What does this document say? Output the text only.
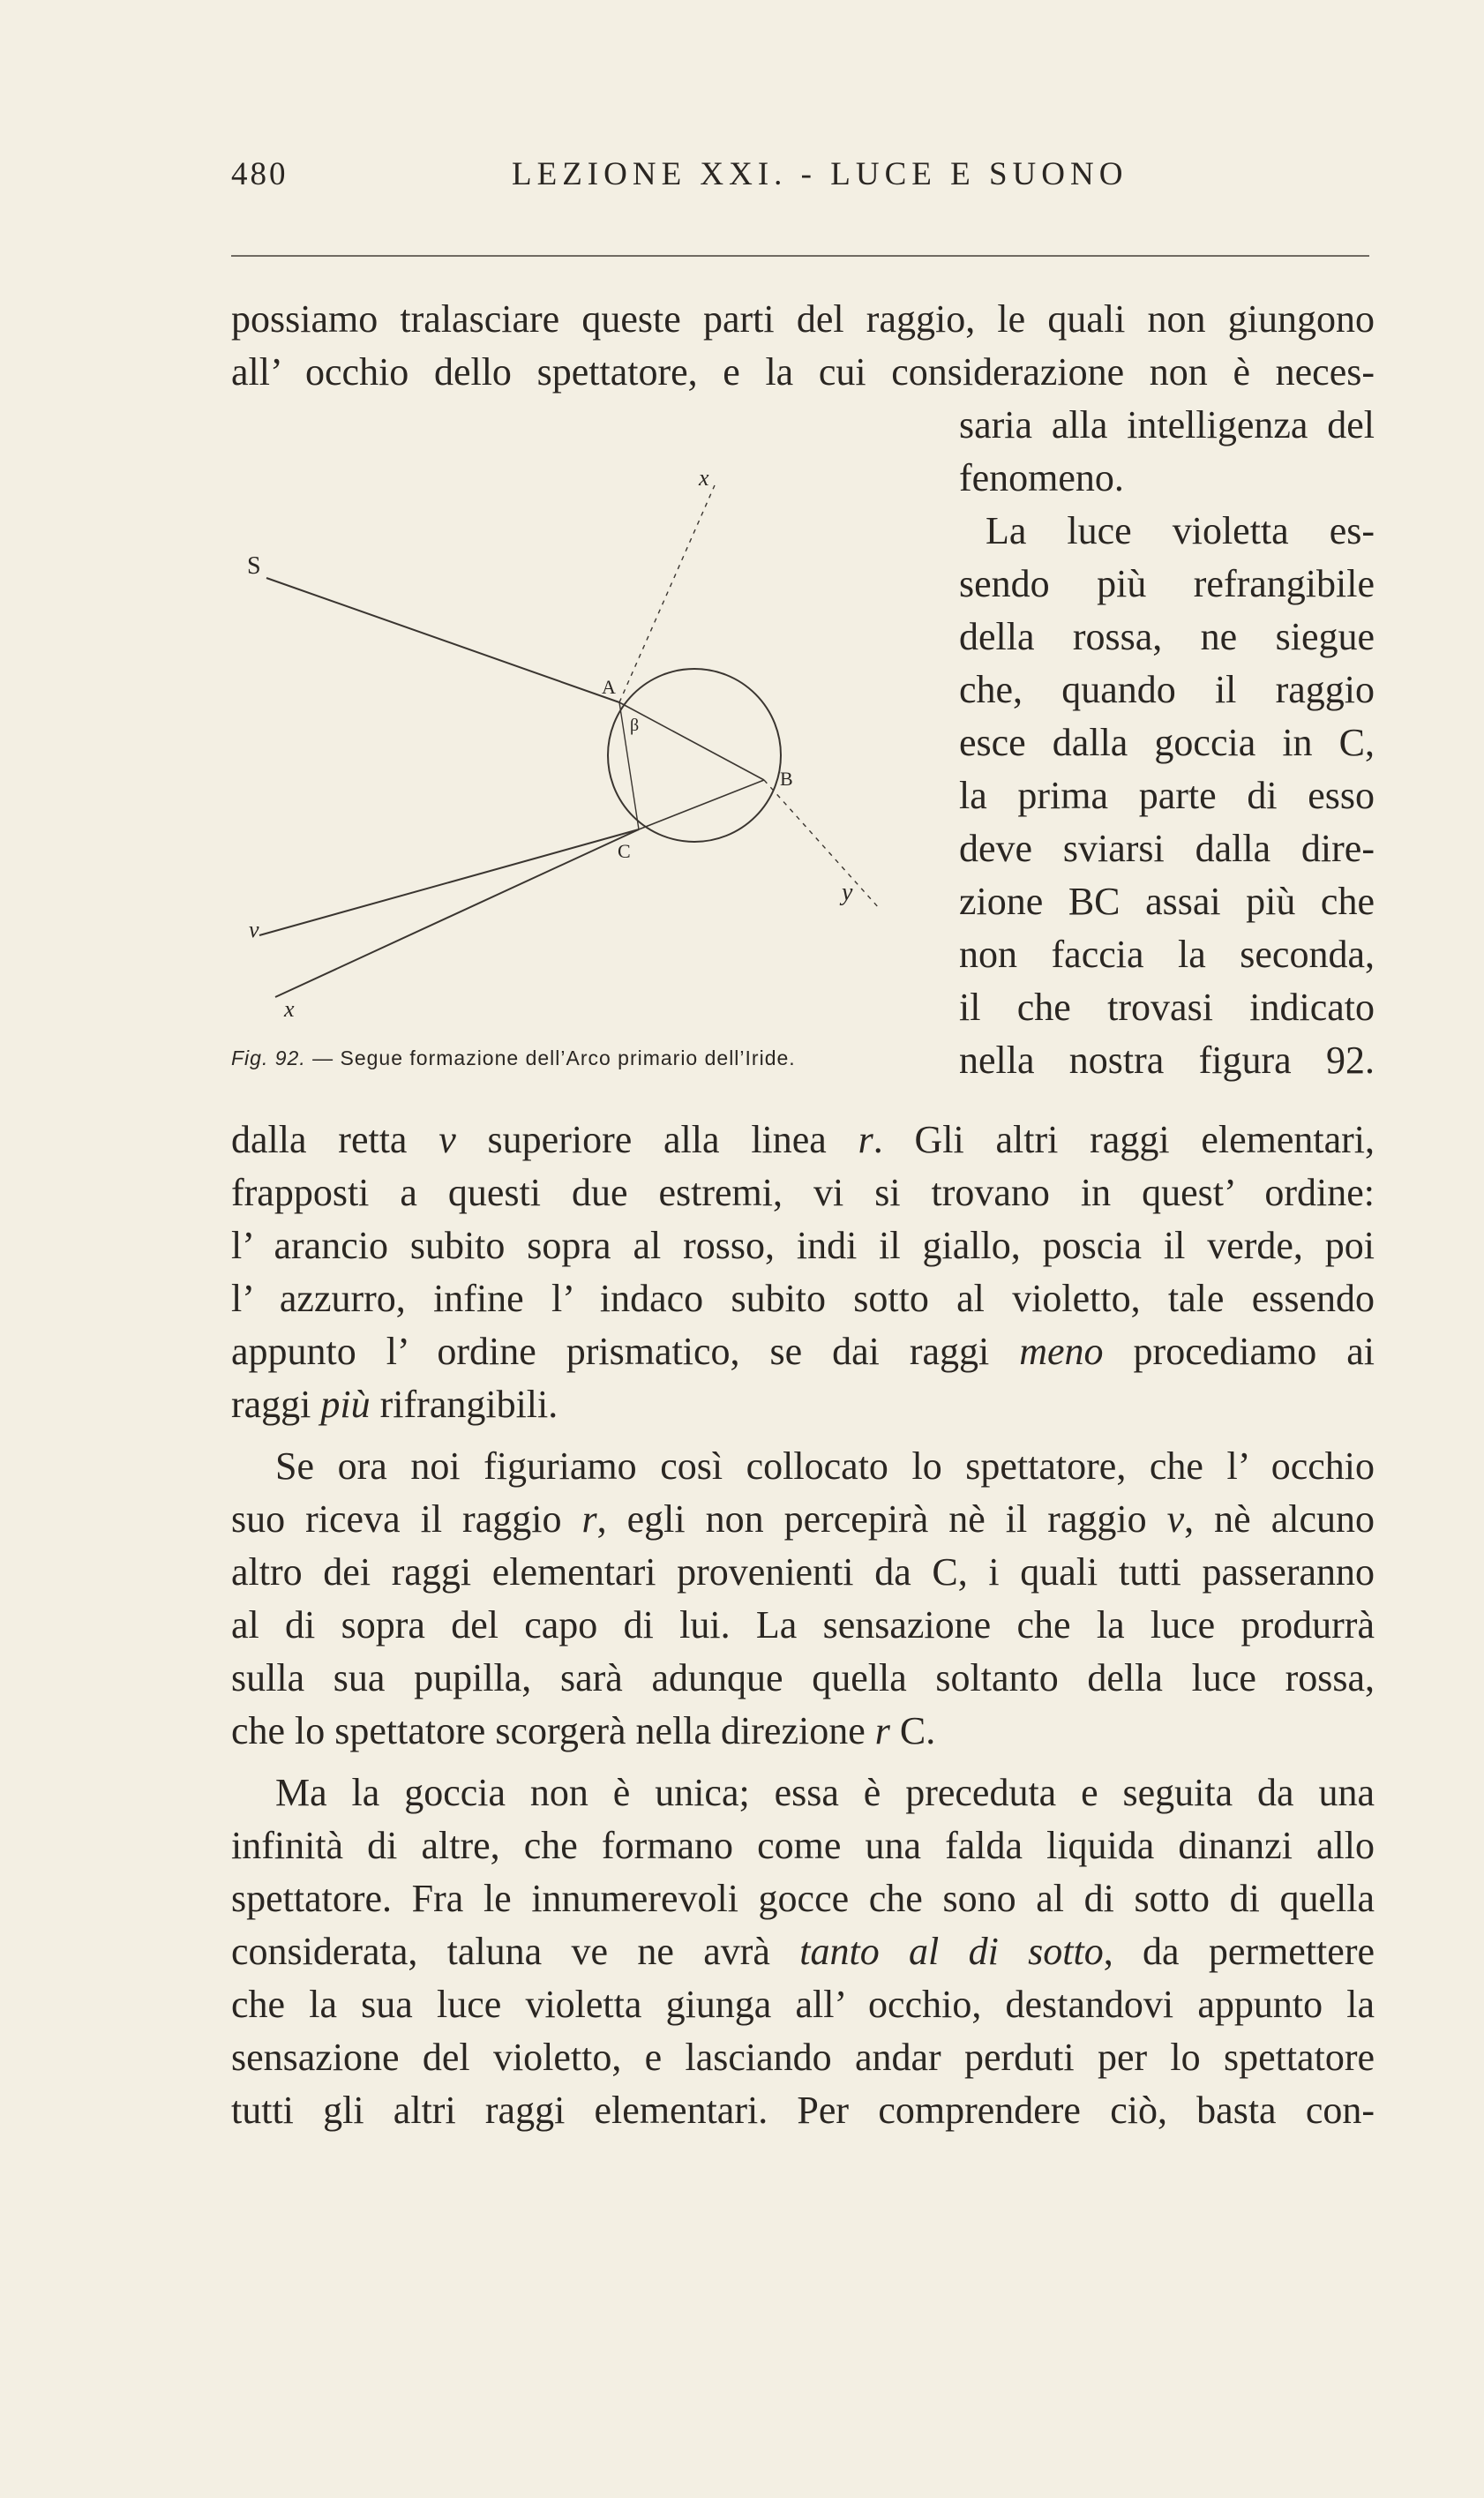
480	LEZIONE XXI. - LUCE E SUONO
possiamo tralasciare queste parti del raggio, le quali non giungono
all’ occhio dello spettatore, e la cui considerazione non è neces-
saria alla intelligenza del
fenomeno.
La luce violetta es-
sendo più refrangibile
della rossa, ne siegue
che, quando il raggio
esce dalla goccia in C,
la prima parte di esso
deve sviarsi dalla dire-
zione BC assai più che
non faccia la seconda,
il che trovasi indicato
nella nostra figura 92.
S
x
A
β
B
C
y
v
x
Fig. 92. — Segue formazione dell’Arco primario dell’Iride.
dalla retta v superiore alla linea r. Gli altri raggi elementari,
frapposti a questi due estremi, vi si trovano in quest’ ordine:
l’ arancio subito sopra al rosso, indi il giallo, poscia il verde, poi
l’ azzurro, infine l’ indaco subito sotto al violetto, tale essendo
appunto l’ ordine prismatico, se dai raggi meno procediamo ai
raggi più rifrangibili.
Se ora noi figuriamo così collocato lo spettatore, che l’ occhio
suo riceva il raggio r, egli non percepirà nè il raggio v, nè alcuno
altro dei raggi elementari provenienti da C, i quali tutti passeranno
al di sopra del capo di lui. La sensazione che la luce produrrà
sulla sua pupilla, sarà adunque quella soltanto della luce rossa,
che lo spettatore scorgerà nella direzione r C.
Ma la goccia non è unica; essa è preceduta e seguita da una
infinità di altre, che formano come una falda liquida dinanzi allo
spettatore. Fra le innumerevoli gocce che sono al di sotto di quella
considerata, taluna ve ne avrà tanto al di sotto, da permettere
che la sua luce violetta giunga all’ occhio, destandovi appunto la
sensazione del violetto, e lasciando andar perduti per lo spettatore
tutti gli altri raggi elementari. Per comprendere ciò, basta con-
